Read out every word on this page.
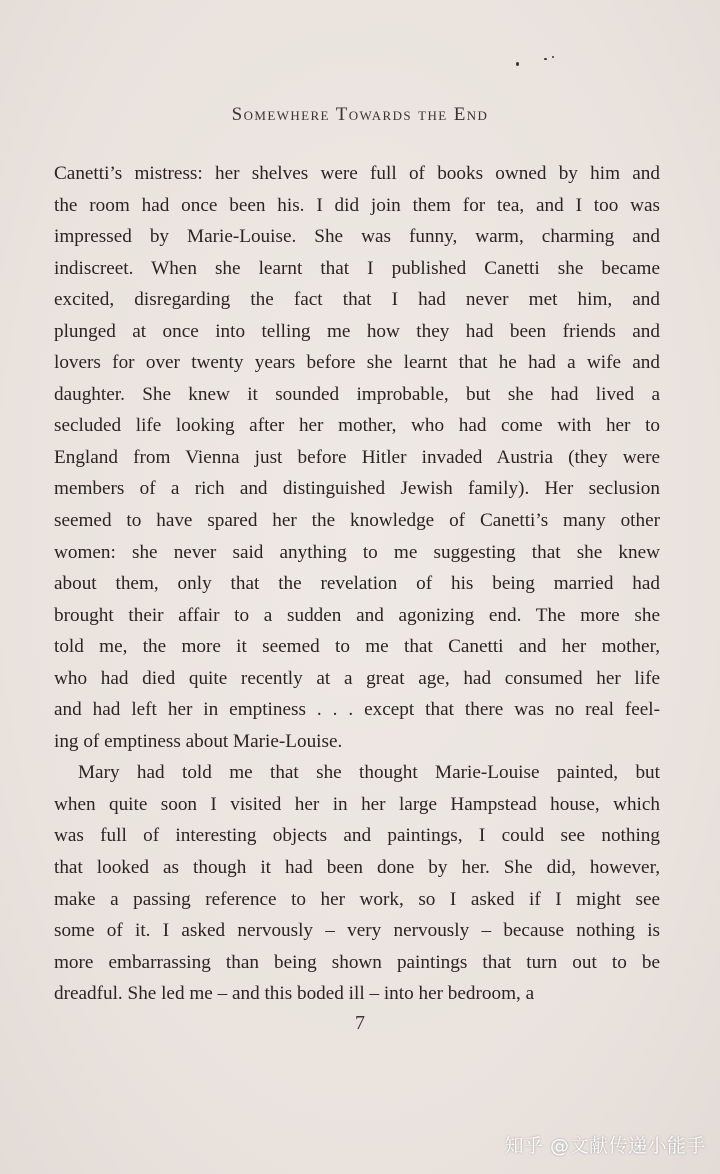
Somewhere Towards the End
Canetti’s mistress: her shelves were full of books owned by him and
the room had once been his. I did join them for tea, and I too was
impressed by Marie-Louise. She was funny, warm, charming and
indiscreet. When she learnt that I published Canetti she became
excited, disregarding the fact that I had never met him, and
plunged at once into telling me how they had been friends and
lovers for over twenty years before she learnt that he had a wife and
daughter. She knew it sounded improbable, but she had lived a
secluded life looking after her mother, who had come with her to
England from Vienna just before Hitler invaded Austria (they were
members of a rich and distinguished Jewish family). Her seclusion
seemed to have spared her the knowledge of Canetti’s many other
women: she never said anything to me suggesting that she knew
about them, only that the revelation of his being married had
brought their affair to a sudden and agonizing end. The more she
told me, the more it seemed to me that Canetti and her mother,
who had died quite recently at a great age, had consumed her life
and had left her in emptiness . . . except that there was no real feel-
ing of emptiness about Marie-Louise.
Mary had told me that she thought Marie-Louise painted, but
when quite soon I visited her in her large Hampstead house, which
was full of interesting objects and paintings, I could see nothing
that looked as though it had been done by her. She did, however,
make a passing reference to her work, so I asked if I might see
some of it. I asked nervously – very nervously – because nothing is
more embarrassing than being shown paintings that turn out to be
dreadful. She led me – and this boded ill – into her bedroom, a
7
知乎 @文献传递小能手
